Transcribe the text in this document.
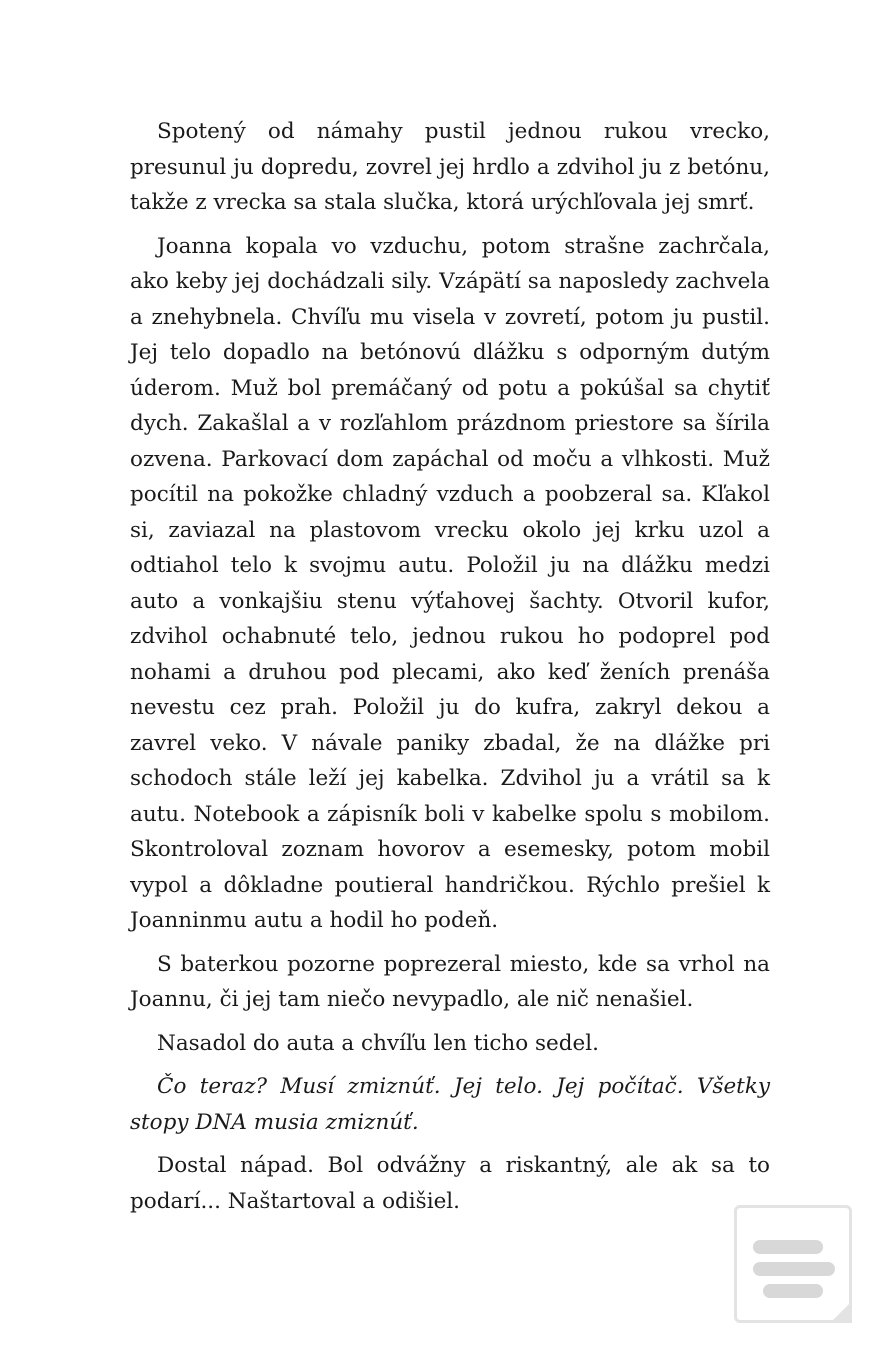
Spotený od námahy pustil jednou rukou vrecko, presunul ju dopredu, zovrel jej hrdlo a zdvihol ju z betónu, takže z vrecka sa stala slučka, ktorá urýchľovala jej smrť.

Joanna kopala vo vzduchu, potom strašne zachrčala, ako keby jej dochádzali sily. Vzápätí sa naposledy zachvela a znehybnela. Chvíľu mu visela v zovretí, potom ju pustil. Jej telo dopadlo na betónovú dlážku s odporným dutým úderom. Muž bol premáčaný od potu a pokúšal sa chytiť dych. Zakašlal a v rozľahlom prázdnom priestore sa šírila ozvena. Parkovací dom zapáchal od moču a vlhkosti. Muž pocítil na pokožke chladný vzduch a poobzeral sa. Kľakol si, zaviazal na plastovom vrecku okolo jej krku uzol a odtiahol telo k svojmu autu. Položil ju na dlážku medzi auto a vonkajšiu stenu výťahovej šachty. Otvoril kufor, zdvihol ochabnuté telo, jednou rukou ho podoprel pod nohami a druhou pod plecami, ako keď ženích prenáša nevestu cez prah. Položil ju do kufra, zakryl dekou a zavrel veko. V návale paniky zbadal, že na dlážke pri schodoch stále leží jej kabelka. Zdvihol ju a vrátil sa k autu. Notebook a zápisník boli v kabelke spolu s mobilom. Skontroloval zoznam hovorov a esemesky, potom mobil vypol a dôkladne poutieral handričkou. Rýchlo prešiel k Joanninmu autu a hodil ho podeň.

S baterkou pozorne poprezeral miesto, kde sa vrhol na Joannu, či jej tam niečo nevypadlo, ale nič nenašiel.

Nasadol do auta a chvíľu len ticho sedel.

Čo teraz? Musí zmiznúť. Jej telo. Jej počítač. Všetky stopy DNA musia zmiznúť.

Dostal nápad. Bol odvážny a riskantný, ale ak sa to podarí... Naštartoval a odišiel.
